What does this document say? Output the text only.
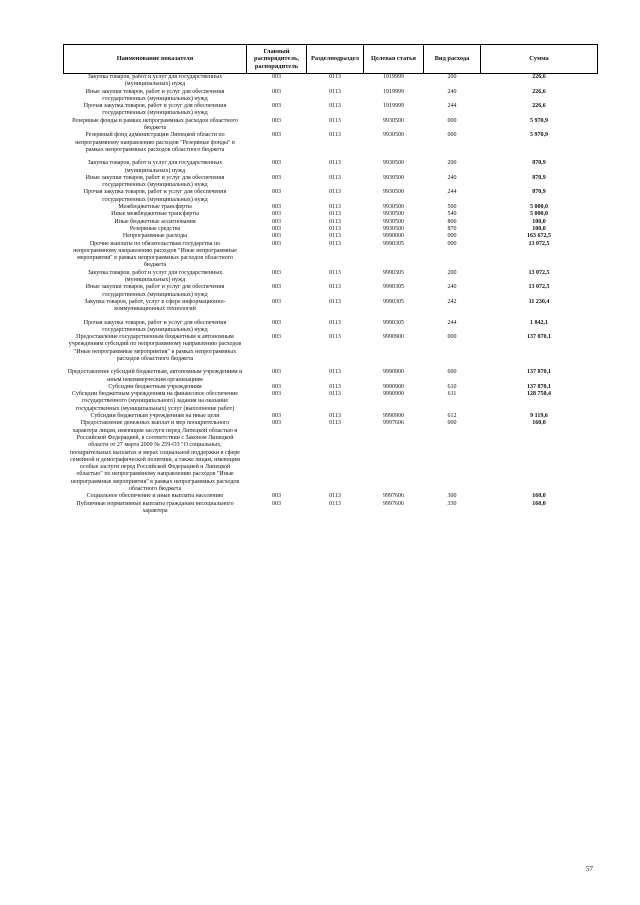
Наименование показателя	Главный распорядитель, распорядитель	Разделподраздел	Целевая статья	Вид расхода	Сумма
Закупка товаров, работ и услуг для государственных (муниципальных) нужд	003	0113	1919999	200	226,6
Иные закупки товаров, работ и услуг для обеспечения государственных (муниципальных) нужд	003	0113	1919999	240	226,6
Прочая закупка товаров, работ и услуг для обеспечения государственных (муниципальных) нужд	003	0113	1919999	244	226,6
Резервные фонды в рамках непрограммных расходов областного бюджета	003	0113	9930500	000	5 970,9
Резервный фонд администрации Липецкой области по непрограммному направлению расходов "Резервные фонды" в рамках непрограммных расходов областного бюджета	003	0113	9930500	000	5 970,9

Закупка товаров, работ и услуг для государственных (муниципальных) нужд	003	0113	9930500	200	870,9
Иные закупки товаров, работ и услуг для обеспечения государственных (муниципальных) нужд	003	0113	9930500	240	870,9
Прочая закупка товаров, работ и услуг для обеспечения государственных (муниципальных) нужд	003	0113	9930500	244	870,9
Межбюджетные трансферты	003	0113	9930500	500	5 000,0
Иные межбюджетные трансферты	003	0113	9930500	540	5 000,0
Иные бюджетные ассигнования	003	0113	9930500	800	100,0
Резервные средства	003	0113	9930500	870	100,0
Непрограммные расходы	003	0113	9990000	000	163 672,5
Прочие выплаты по обязательствам государства по непрограммному направлению расходов "Иные непрограммные мероприятия" в рамках непрограммных расходов областного бюджета	003	0113	9990305	000	13 072,5
Закупка товаров, работ и услуг для государственных (муниципальных) нужд	003	0113	9990305	200	13 072,5
Иные закупки товаров, работ и услуг для обеспечения государственных (муниципальных) нужд	003	0113	9990305	240	13 072,5
Закупка товаров, работ, услуг в сфере информационно-коммуникационных технологий	003	0113	9990305	242	11 230,4

Прочая закупка товаров, работ и услуг для обеспечения государственных (муниципальных) нужд	003	0113	9990305	244	1 842,1
Предоставление государственным бюджетным и автономным учреждениям субсидий по непрограммному направлению расходов "Иные непрограммные мероприятия" в рамках непрограммных расходов областного бюджета	003	0113	9990900	000	137 870,1

Предоставление субсидий бюджетным, автономным учреждениям и иным некоммерческим организациям	003	0113	9990900	600	137 870,1
Субсидии бюджетным учреждениям	003	0113	9990900	610	137 870,1
Субсидии бюджетным учреждениям на финансовое обеспечение государственного (муниципального) задания на оказание государственных (муниципальных) услуг (выполнение работ)	003	0113	9990900	611	128 750,4
Субсидии бюджетным учреждениям на иные цели	003	0113	9990900	612	9 119,6
Предоставление денежных выплат и мер поощрительного характера лицам, имеющим заслуги перед Липецкой областью и Российской Федерацией, в соответствии с Законом Липецкой области от 27 марта 2009 № 259-ОЗ "О социальных, поощрительных выплатах и мерах социальной поддержки в сфере семейной и демографической политики, а также лицам, имеющим особые заслуги перед Российской Федерацией и Липецкой областью" по непрограммному направлению расходов "Иные непрограммные мероприятия" в рамках непрограммных расходов областного бюджета	003	0113	9997606	000	160,0
Социальное обеспечение и иные выплаты населению	003	0113	9997606	300	160,0
Публичные нормативные выплаты гражданам несоциального характера	003	0113	9997606	330	160,0
57
